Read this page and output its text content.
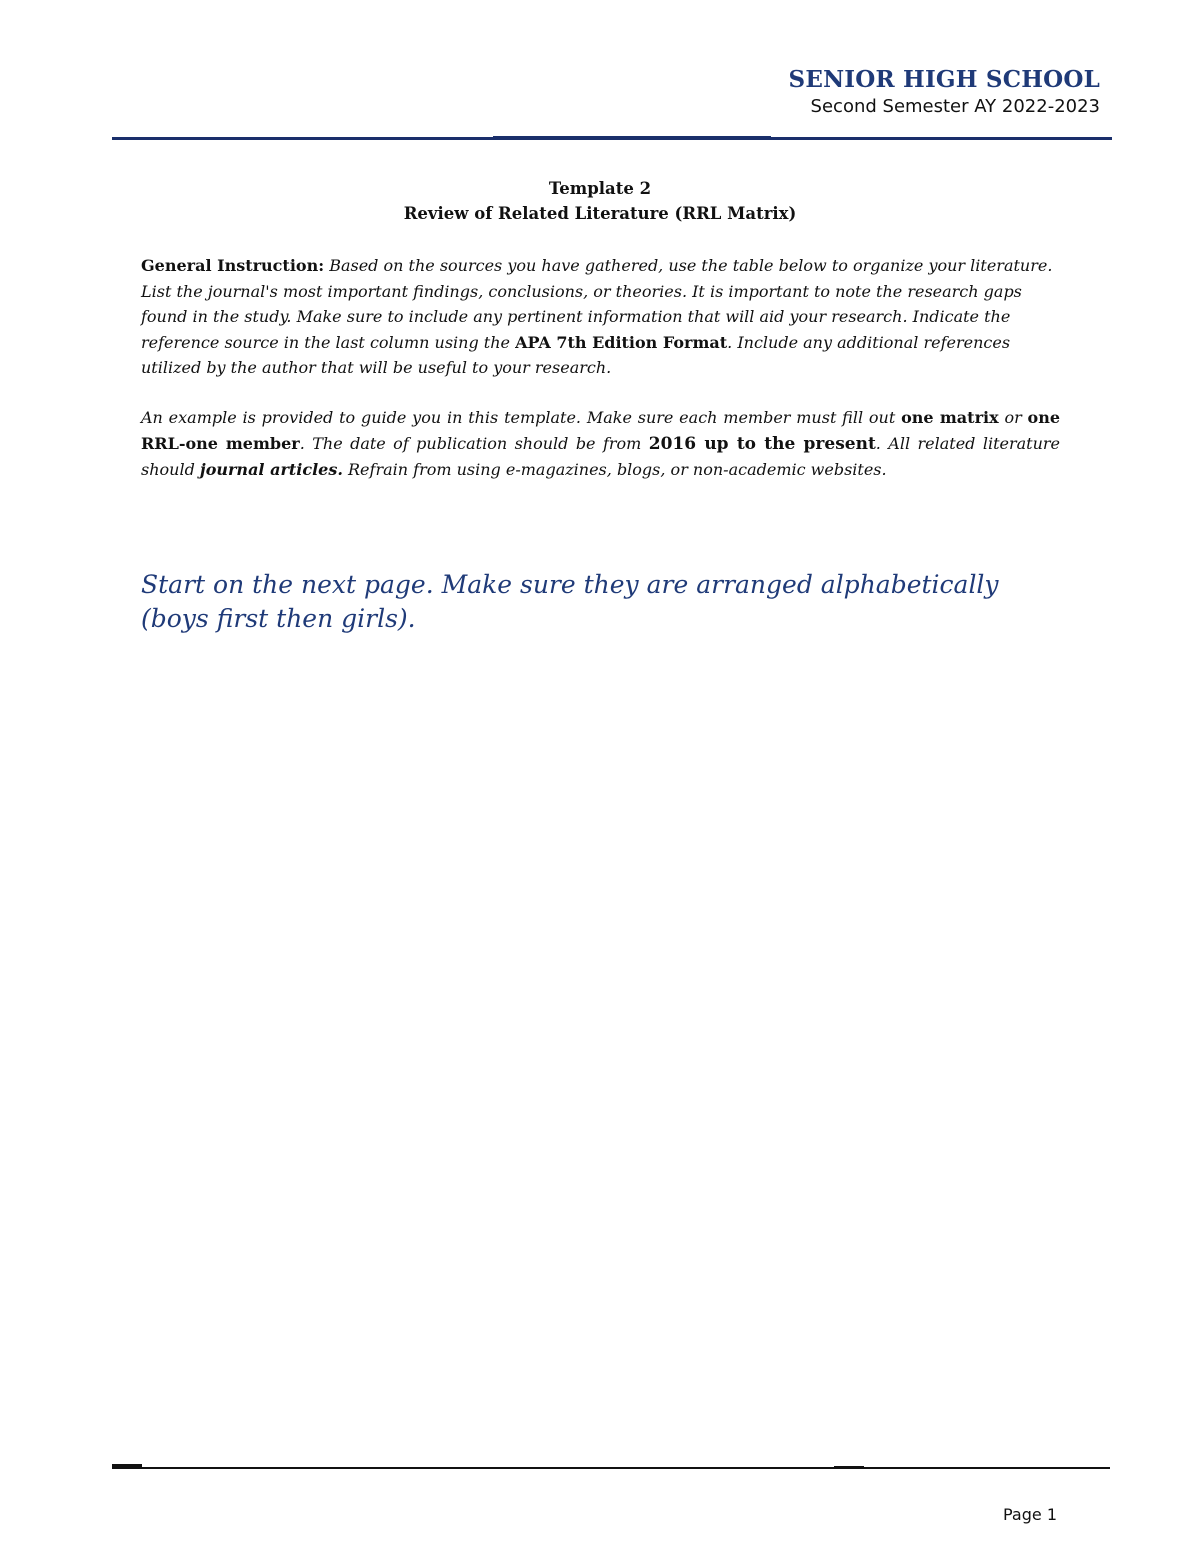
SENIOR HIGH SCHOOL
Second Semester AY 2022-2023
Template 2
Review of Related Literature (RRL Matrix)
General Instruction: Based on the sources you have gathered, use the table below to organize your literature. List the journal's most important findings, conclusions, or theories. It is important to note the research gaps found in the study. Make sure to include any pertinent information that will aid your research. Indicate the reference source in the last column using the APA 7th Edition Format. Include any additional references utilized by the author that will be useful to your research.
An example is provided to guide you in this template. Make sure each member must fill out one matrix or one RRL-one member. The date of publication should be from 2016 up to the present. All related literature should journal articles. Refrain from using e-magazines, blogs, or non-academic websites.
Start on the next page. Make sure they are arranged alphabetically (boys first then girls).
Page 1
